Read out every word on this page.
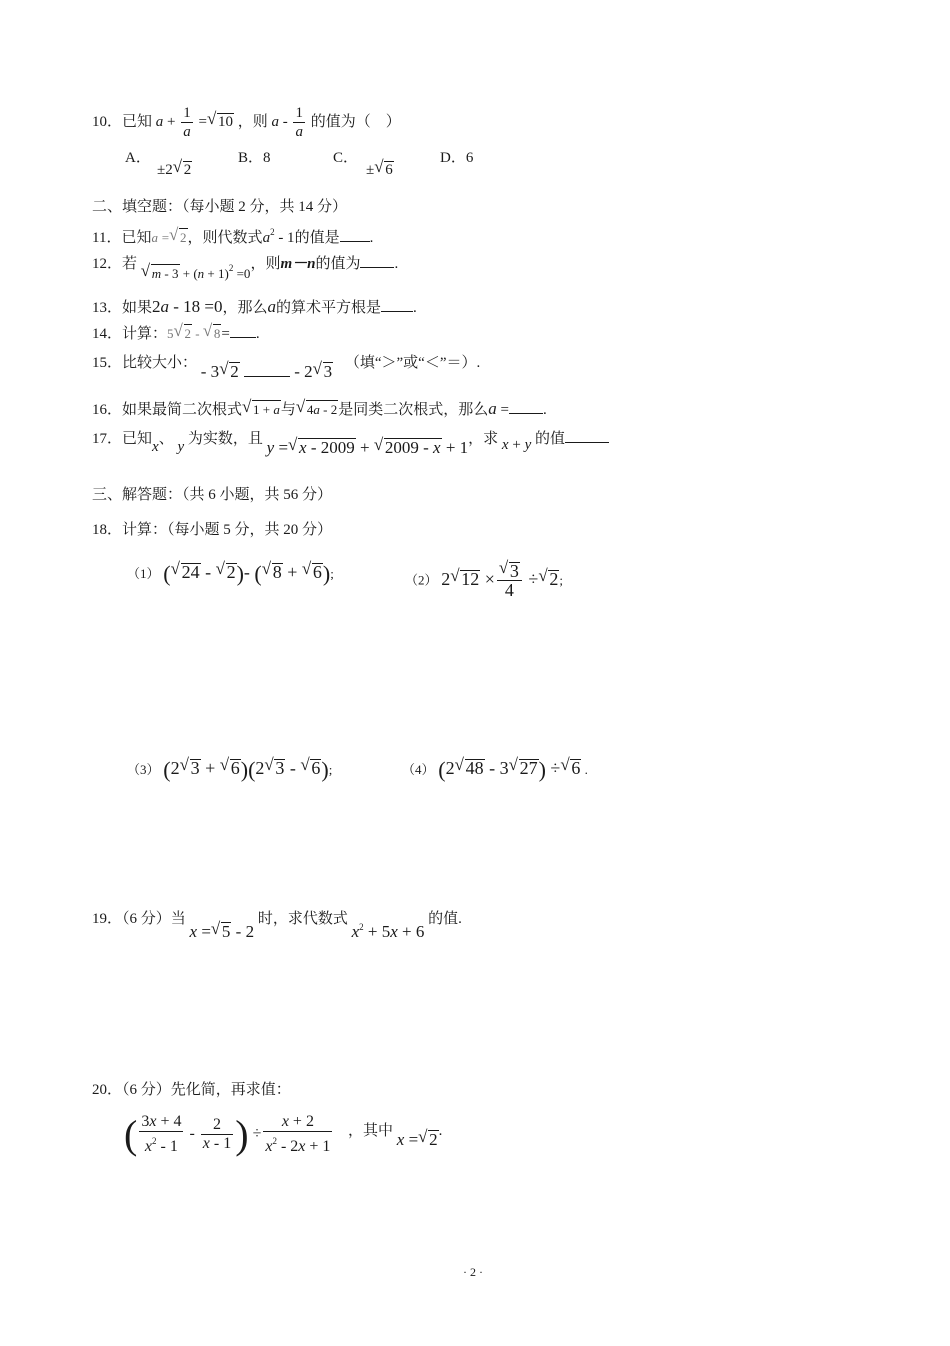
10．已知 $a + \frac{1}{a}$ = √ 10 ，则 a - $\frac{1}{a}$ 的值为（　）
A．
±2 √ 2
B．8	C．
± √ 6
D．6
二、填空题：（每小题 2 分，共 14 分）
11．已知a = √ 2，则代数式$a^2 - 1$的值是 .
12．若 √ $m - 3 + (n + 1)^2 =0$，则m－n的值为 .
13．如果2a - 18 =0，那么a的算术平方根是 .
14．计算：5 √ 2 - √ 8= .
15．比较大小： - 3 √ 2	- 2 √ 3 （填“＞”或“＜”＝）.
16．如果最简二次根式 √ 1 + a与 √ 4a - 2是同类二次根式，那么a = .
17．已知x、 y 为实数，且 y = √ x - 2009 + √ 2009 - x + 1，求 x + y 的值
三、解答题：（共 6 小题，共 56 分）
18．计算：（每小题 5 分，共 20 分）
（1） ( √ 24 - √ 2)- ( √ 8 + √ 6);	（2） 2 √ 12 × √ $\frac{3}{4}$ ÷ √ 2;
（3） (2 √ 3 + √ 6)(2 √ 3 - √ 6);	（4） (2 √ 48 - 3 √ 27) ÷ √ 6 .
19．（6 分）当 x = √ 5 - 2 时，求代数式 $x^2 + 5x + 6$ 的值.
20．（6 分）先化简，再求值：
( $\frac{3x + 4}{x^2 - 1} - \frac{2}{x - 1}$ ) ÷ $\frac{x + 2}{x^2 - 2x + 1}$ ，其中 x = √ 2.
· 2 ·
